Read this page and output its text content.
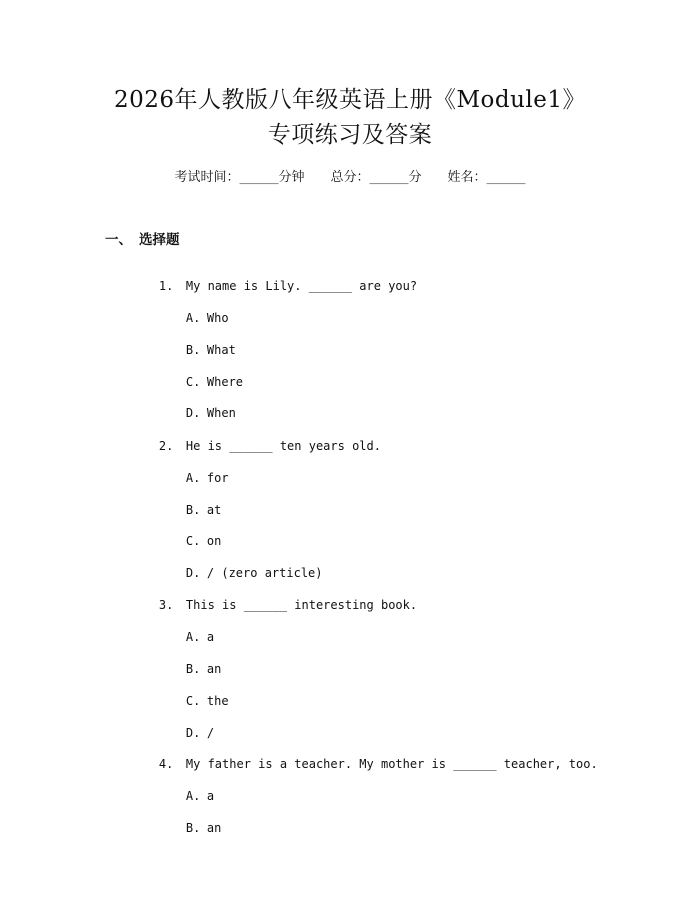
2026年人教版八年级英语上册《Module1》
专项练习及答案
考试时间：______分钟 总分：______分 姓名：______
一、 选择题

1. My name is Lily. ______ are you?

A. Who

B. What

C. Where

D. When

2. He is ______ ten years old.

A. for

B. at

C. on

D. / (zero article)

3. This is ______ interesting book.

A. a

B. an

C. the

D. /

4. My father is a teacher. My mother is ______ teacher, too.

A. a

B. an
